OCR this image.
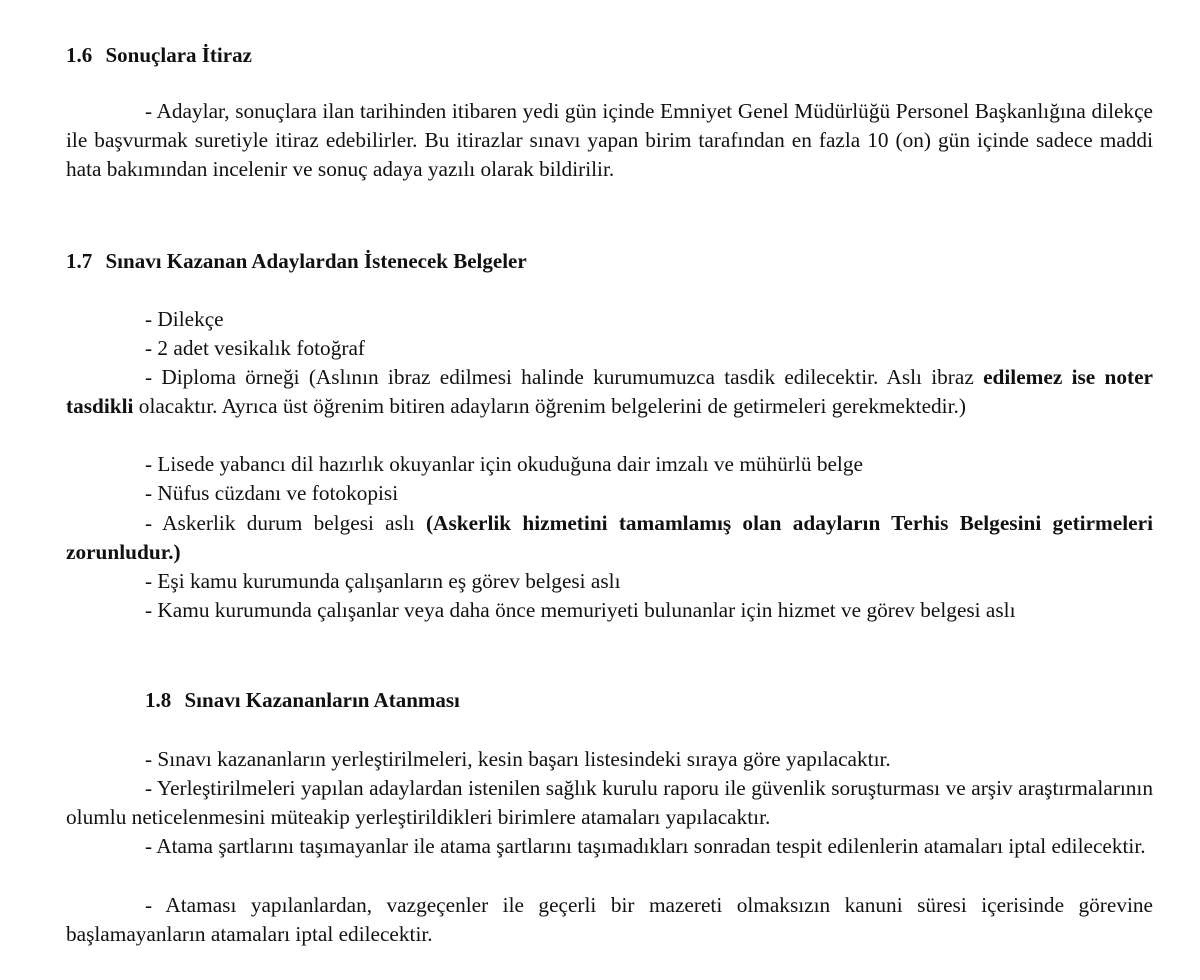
1.6 Sonuçlara İtiraz

- Adaylar, sonuçlara ilan tarihinden itibaren yedi gün içinde Emniyet Genel Müdürlüğü Personel Başkanlığına dilekçe ile başvurmak suretiyle itiraz edebilirler. Bu itirazlar sınavı yapan birim tarafından en fazla 10 (on) gün içinde sadece maddi hata bakımından incelenir ve sonuç adaya yazılı olarak bildirilir.

1.7 Sınavı Kazanan Adaylardan İstenecek Belgeler
- Dilekçe
- 2 adet vesikalık fotoğraf

- Diploma örneği (Aslının ibraz edilmesi halinde kurumumuzca tasdik edilecektir. Aslı ibraz edilemez ise noter tasdikli olacaktır. Ayrıca üst öğrenim bitiren adayların öğrenim belgelerini de getirmeleri gerekmektedir.)

- Lisede yabancı dil hazırlık okuyanlar için okuduğuna dair imzalı ve mühürlü belge
- Nüfus cüzdanı ve fotokopisi

- Askerlik durum belgesi aslı (Askerlik hizmetini tamamlamış olan adayların Terhis Belgesini getirmeleri zorunludur.)

- Eşi kamu kurumunda çalışanların eş görev belgesi aslı

- Kamu kurumunda çalışanlar veya daha önce memuriyeti bulunanlar için hizmet ve görev belgesi aslı

1.8 Sınavı Kazananların Atanması
- Sınavı kazananların yerleştirilmeleri, kesin başarı listesindeki sıraya göre yapılacaktır.

- Yerleştirilmeleri yapılan adaylardan istenilen sağlık kurulu raporu ile güvenlik soruşturması ve arşiv araştırmalarının olumlu neticelenmesini müteakip yerleştirildikleri birimlere atamaları yapılacaktır.

- Atama şartlarını taşımayanlar ile atama şartlarını taşımadıkları sonradan tespit edilenlerin atamaları iptal edilecektir.

- Ataması yapılanlardan, vazgeçenler ile geçerli bir mazereti olmaksızın kanuni süresi içerisinde görevine başlamayanların atamaları iptal edilecektir.
